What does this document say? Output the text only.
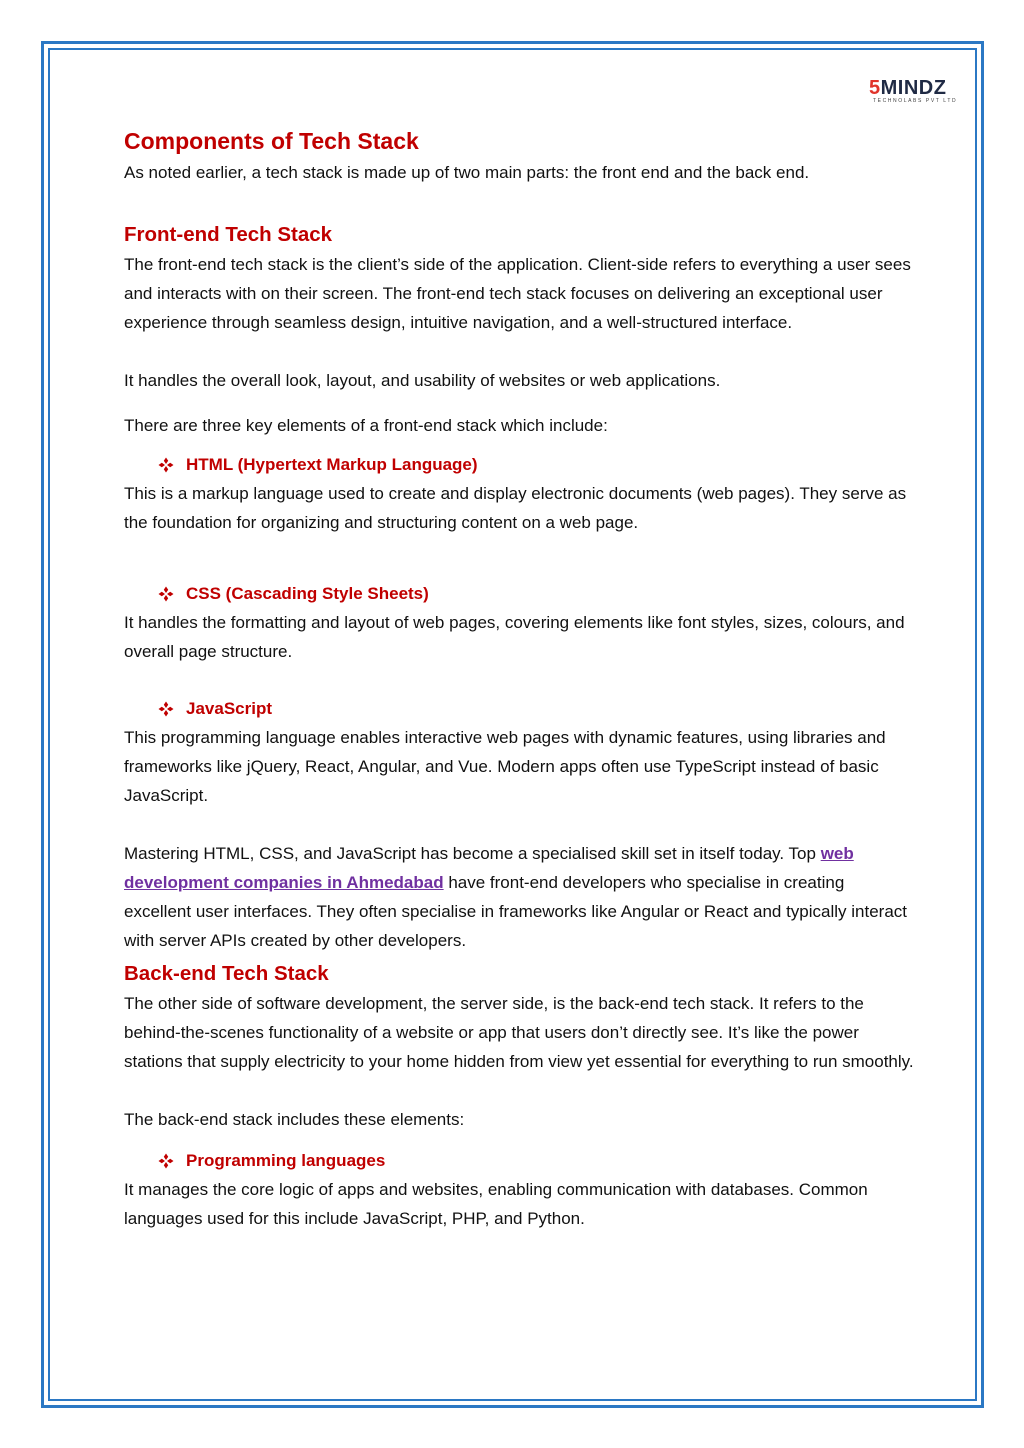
5MINDZ
TECHNOLABS PVT LTD
Components of Tech Stack

As noted earlier, a tech stack is made up of two main parts: the front end and the back end.

Front-end Tech Stack

The front-end tech stack is the client’s side of the application. Client-side refers to everything a user sees and interacts with on their screen. The front-end tech stack focuses on delivering an exceptional user experience through seamless design, intuitive navigation, and a well-structured interface.

It handles the overall look, layout, and usability of websites or web applications.

There are three key elements of a front-end stack which include:

HTML (Hypertext Markup Language)

This is a markup language used to create and display electronic documents (web pages). They serve as the foundation for organizing and structuring content on a web page.

CSS (Cascading Style Sheets)

It handles the formatting and layout of web pages, covering elements like font styles, sizes, colours, and overall page structure.

JavaScript

This programming language enables interactive web pages with dynamic features, using libraries and frameworks like jQuery, React, Angular, and Vue. Modern apps often use TypeScript instead of basic JavaScript.

Mastering HTML, CSS, and JavaScript has become a specialised skill set in itself today. Top web development companies in Ahmedabad have front-end developers who specialise in creating excellent user interfaces. They often specialise in frameworks like Angular or React and typically interact with server APIs created by other developers.

Back-end Tech Stack

The other side of software development, the server side, is the back-end tech stack. It refers to the behind-the-scenes functionality of a website or app that users don’t directly see. It’s like the power stations that supply electricity to your home hidden from view yet essential for everything to run smoothly.

The back-end stack includes these elements:

Programming languages

It manages the core logic of apps and websites, enabling communication with databases. Common languages used for this include JavaScript, PHP, and Python.
